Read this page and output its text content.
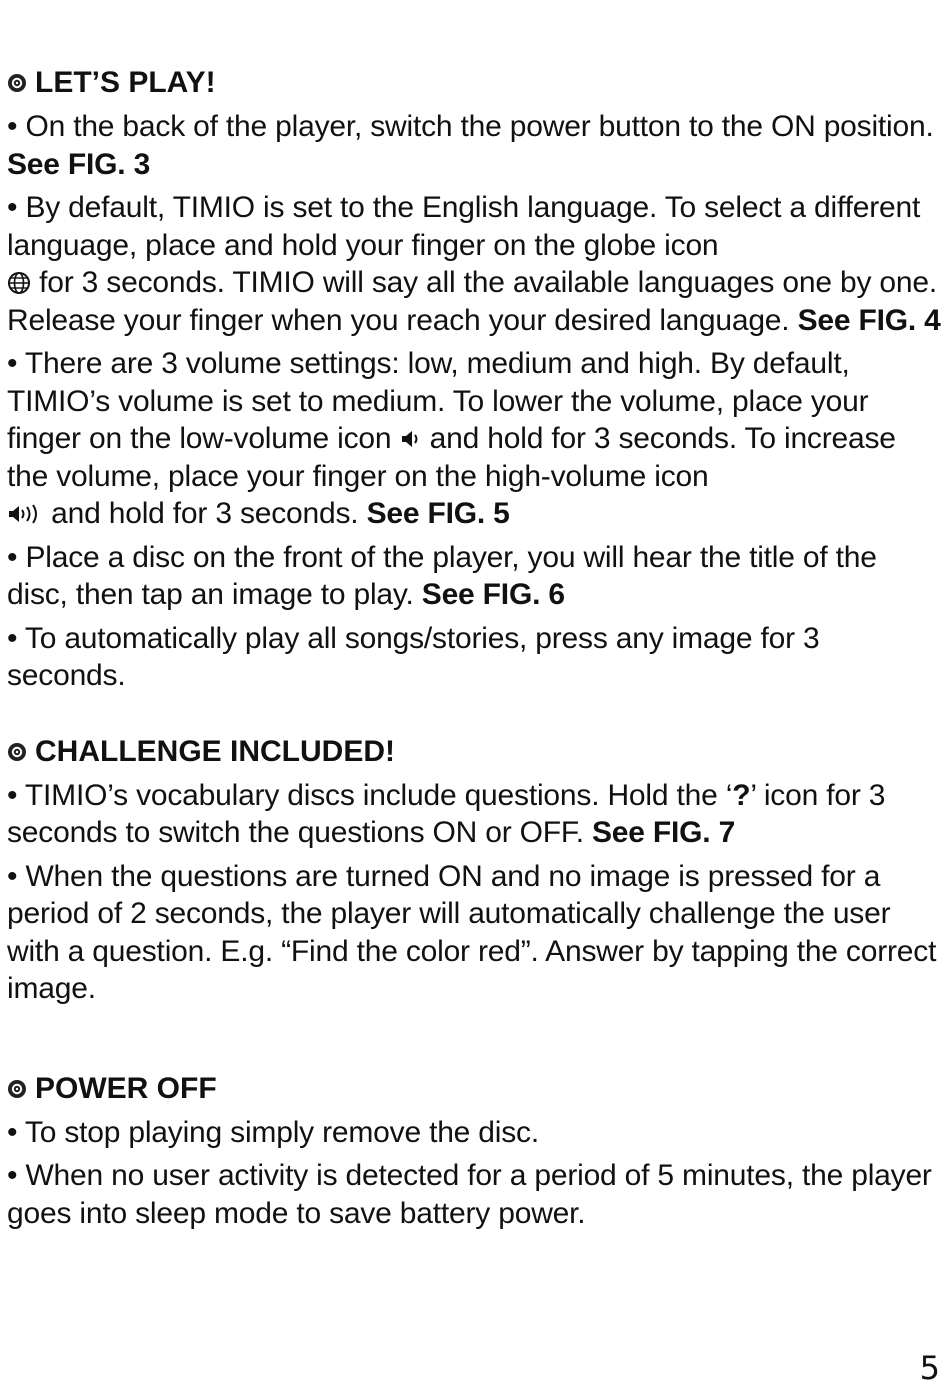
LET’S PLAY!

• On the back of the player, switch the power button to the ON position. See FIG. 3

• By default, TIMIO is set to the English language. To select a different language, place and hold your finger on the globe icon

for 3 seconds. TIMIO will say all the available languages one by one. Release your finger when you reach your desired language. See FIG. 4

• There are 3 volume settings: low, medium and high. By default, TIMIO’s volume is set to medium. To lower the volume, place your finger on the low-volume icon
and hold for 3 seconds. To increase the volume, place your finger on the high-volume icon

and hold for 3 seconds. See FIG. 5

• Place a disc on the front of the player, you will hear the title of the disc, then tap an image to play. See FIG. 6

• To automatically play all songs/stories, press any image for 3 seconds.

CHALLENGE INCLUDED!

• TIMIO’s vocabulary discs include questions. Hold the ‘?’ icon for 3 seconds to switch the questions ON or OFF. See FIG. 7

• When the questions are turned ON and no image is pressed for a period of 2 seconds, the player will automatically challenge the user with a question. E.g. “Find the color red”. Answer by tapping the correct image.

POWER OFF

• To stop playing simply remove the disc.

• When no user activity is detected for a period of 5 minutes, the player goes into sleep mode to save battery power.

5
